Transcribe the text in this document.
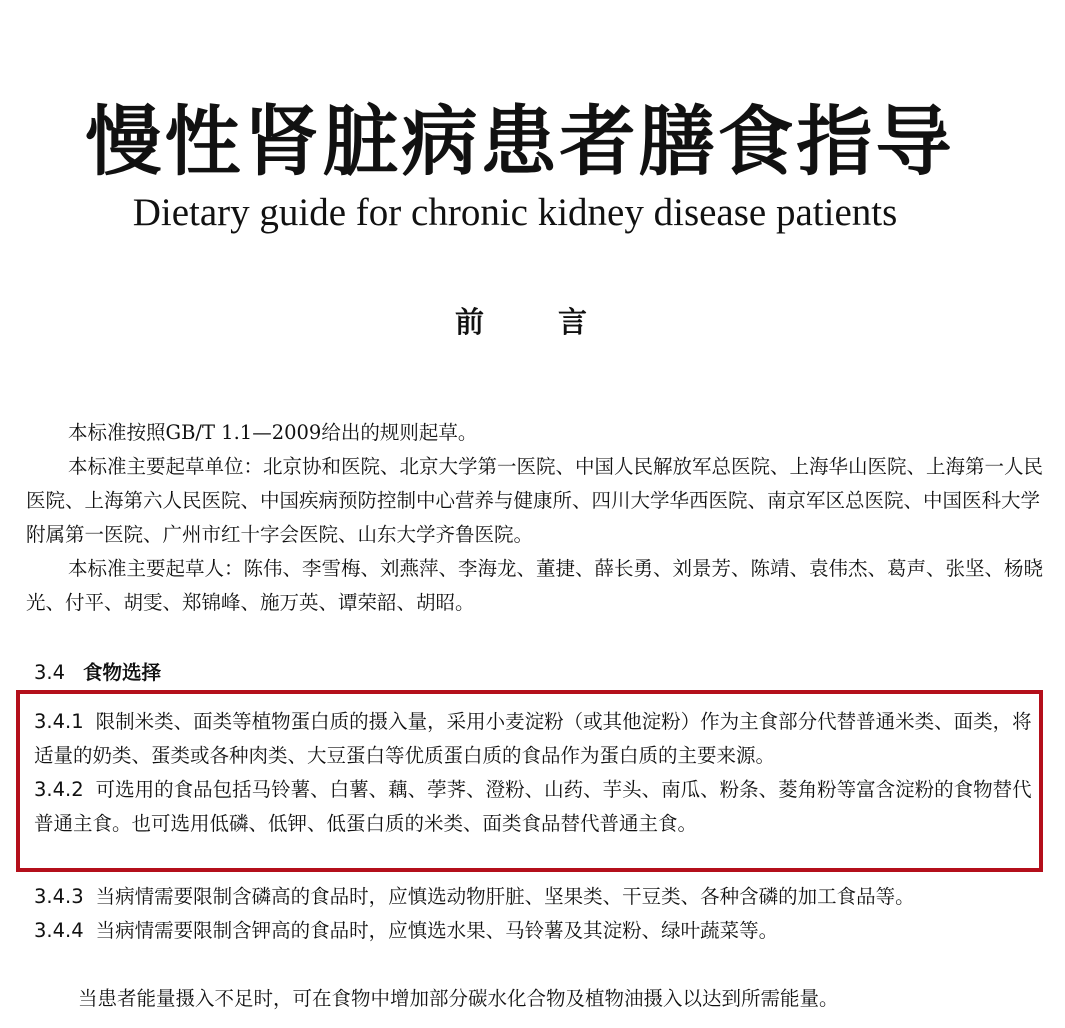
慢性肾脏病患者膳食指导
Dietary guide for chronic kidney disease patients
前言

本标准按照GB/T 1.1—2009给出的规则起草。

本标准主要起草单位：北京协和医院、北京大学第一医院、中国人民解放军总医院、上海华山医院、上海第一人民医院、上海第六人民医院、中国疾病预防控制中心营养与健康所、四川大学华西医院、南京军区总医院、中国医科大学附属第一医院、广州市红十字会医院、山东大学齐鲁医院。

本标准主要起草人：陈伟、李雪梅、刘燕萍、李海龙、董捷、薛长勇、刘景芳、陈靖、袁伟杰、葛声、张坚、杨晓光、付平、胡雯、郑锦峰、施万英、谭荣韶、胡昭。

3.4 食物选择
3.4.1 限制米类、面类等植物蛋白质的摄入量，采用小麦淀粉（或其他淀粉）作为主食部分代替普通米类、面类，将适量的奶类、蛋类或各种肉类、大豆蛋白等优质蛋白质的食品作为蛋白质的主要来源。
3.4.2 可选用的食品包括马铃薯、白薯、藕、荸荠、澄粉、山药、芋头、南瓜、粉条、菱角粉等富含淀粉的食物替代普通主食。也可选用低磷、低钾、低蛋白质的米类、面类食品替代普通主食。
3.4.3 当病情需要限制含磷高的食品时，应慎选动物肝脏、坚果类、干豆类、各种含磷的加工食品等。
3.4.4 当病情需要限制含钾高的食品时，应慎选水果、马铃薯及其淀粉、绿叶蔬菜等。
当患者能量摄入不足时，可在食物中增加部分碳水化合物及植物油摄入以达到所需能量。
